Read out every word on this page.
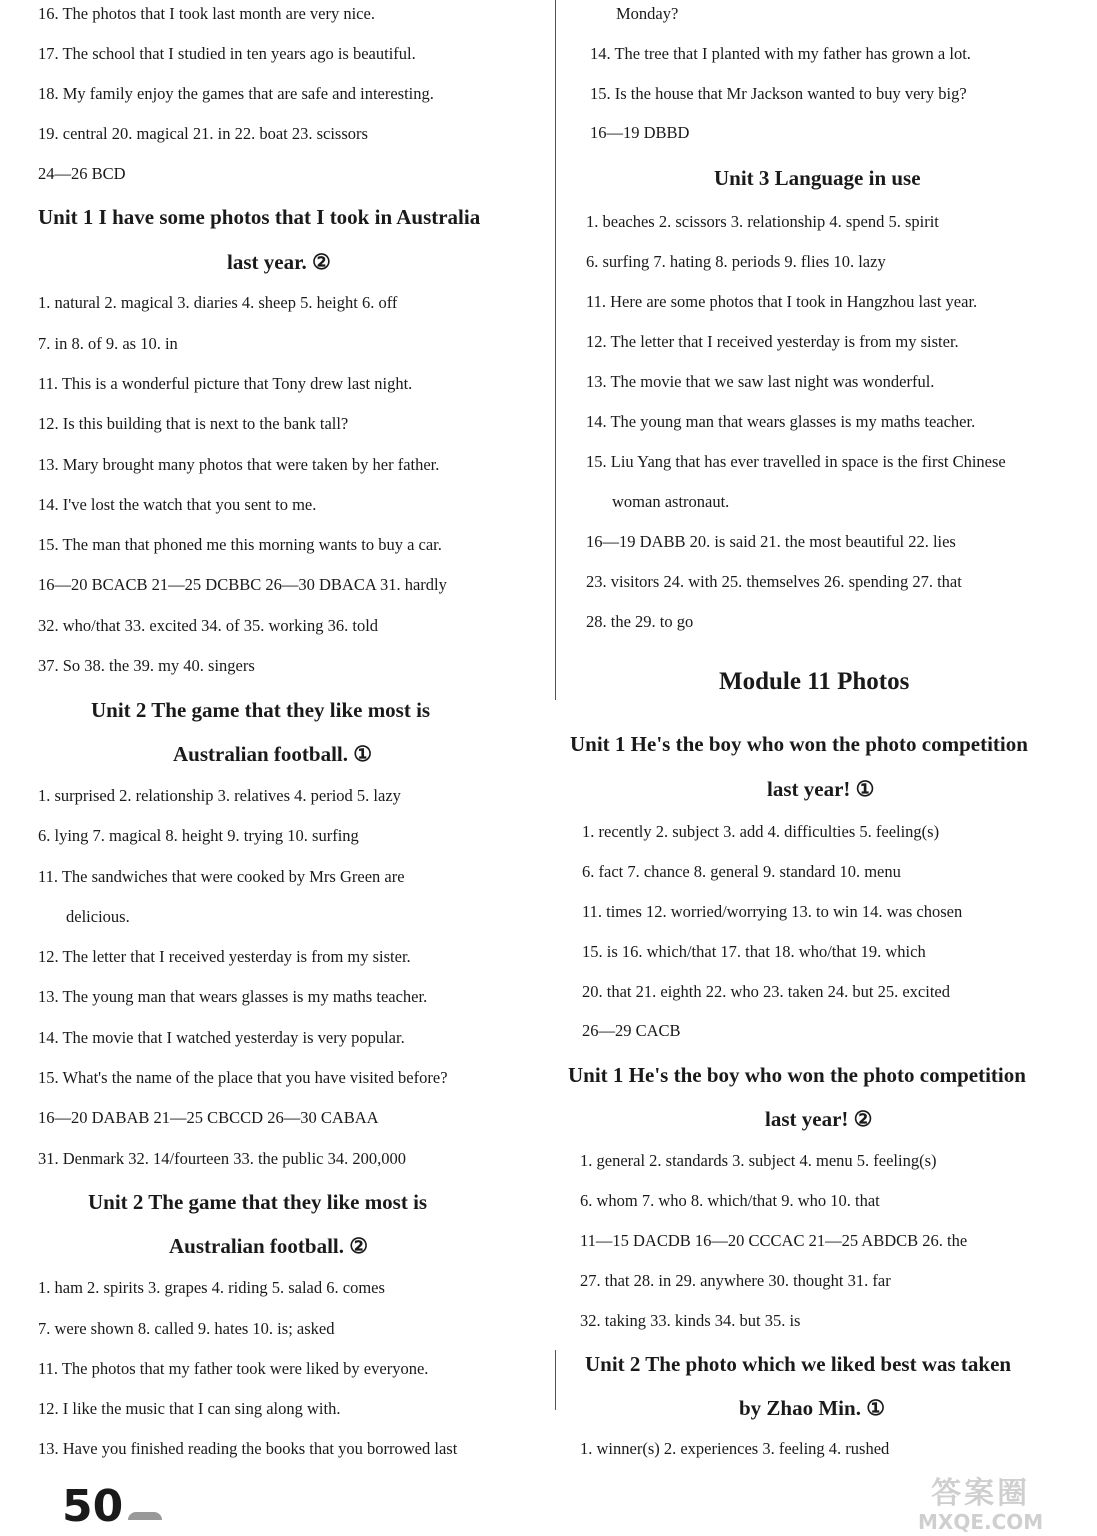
16. The photos that I took last month are very nice.
17. The school that I studied in ten years ago is beautiful.
18. My family enjoy the games that are safe and interesting.
19. central 20. magical 21. in 22. boat 23. scissors
24—26 BCD
Unit 1 I have some photos that I took in Australia
last year. ②
1. natural 2. magical 3. diaries 4. sheep 5. height 6. off
7. in 8. of 9. as 10. in
11. This is a wonderful picture that Tony drew last night.
12. Is this building that is next to the bank tall?
13. Mary brought many photos that were taken by her father.
14. I've lost the watch that you sent to me.
15. The man that phoned me this morning wants to buy a car.
16—20 BCACB 21—25 DCBBC 26—30 DBACA 31. hardly
32. who/that 33. excited 34. of 35. working 36. told
37. So 38. the 39. my 40. singers
Unit 2 The game that they like most is
Australian football. ①
1. surprised 2. relationship 3. relatives 4. period 5. lazy
6. lying 7. magical 8. height 9. trying 10. surfing
11. The sandwiches that were cooked by Mrs Green are
delicious.
12. The letter that I received yesterday is from my sister.
13. The young man that wears glasses is my maths teacher.
14. The movie that I watched yesterday is very popular.
15. What's the name of the place that you have visited before?
16—20 DABAB 21—25 CBCCD 26—30 CABAA
31. Denmark 32. 14/fourteen 33. the public 34. 200,000
Unit 2 The game that they like most is
Australian football. ②
1. ham 2. spirits 3. grapes 4. riding 5. salad 6. comes
7. were shown 8. called 9. hates 10. is; asked
11. The photos that my father took were liked by everyone.
12. I like the music that I can sing along with.
13. Have you finished reading the books that you borrowed last
50
Monday?
14. The tree that I planted with my father has grown a lot.
15. Is the house that Mr Jackson wanted to buy very big?
16—19 DBBD
Unit 3 Language in use
1. beaches 2. scissors 3. relationship 4. spend 5. spirit
6. surfing 7. hating 8. periods 9. flies 10. lazy
11. Here are some photos that I took in Hangzhou last year.
12. The letter that I received yesterday is from my sister.
13. The movie that we saw last night was wonderful.
14. The young man that wears glasses is my maths teacher.
15. Liu Yang that has ever travelled in space is the first Chinese
woman astronaut.
16—19 DABB 20. is said 21. the most beautiful 22. lies
23. visitors 24. with 25. themselves 26. spending 27. that
28. the 29. to go
Module 11 Photos
Unit 1 He's the boy who won the photo competition
last year! ①
1. recently 2. subject 3. add 4. difficulties 5. feeling(s)
6. fact 7. chance 8. general 9. standard 10. menu
11. times 12. worried/worrying 13. to win 14. was chosen
15. is 16. which/that 17. that 18. who/that 19. which
20. that 21. eighth 22. who 23. taken 24. but 25. excited
26—29 CACB
Unit 1 He's the boy who won the photo competition
last year! ②
1. general 2. standards 3. subject 4. menu 5. feeling(s)
6. whom 7. who 8. which/that 9. who 10. that
11—15 DACDB 16—20 CCCAC 21—25 ABDCB 26. the
27. that 28. in 29. anywhere 30. thought 31. far
32. taking 33. kinds 34. but 35. is
Unit 2 The photo which we liked best was taken
by Zhao Min. ①
1. winner(s) 2. experiences 3. feeling 4. rushed
答案圈
MXQE.COM
